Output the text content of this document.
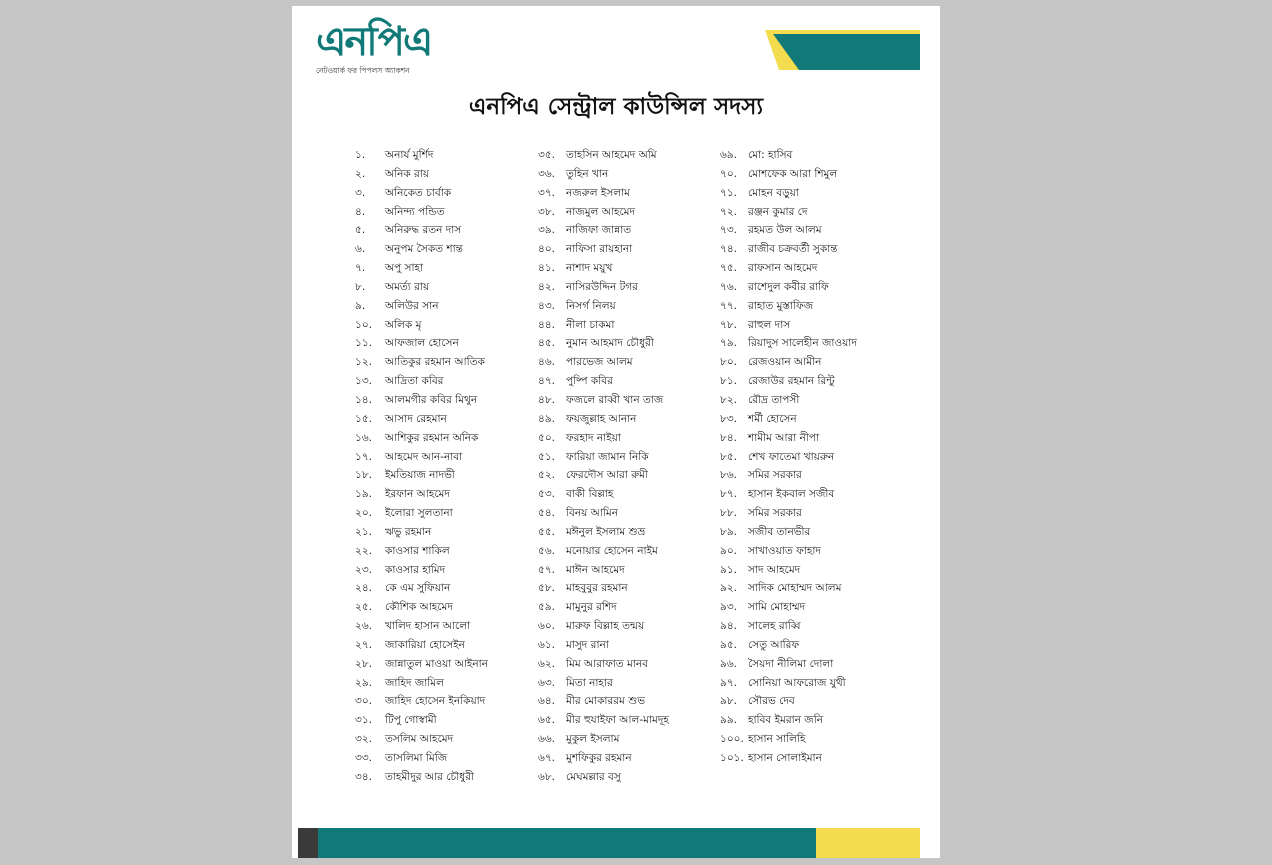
এনপিএ
নেটওয়ার্ক ফর পিপলস অ্যাকশন
এনপিএ সেন্ট্রাল কাউন্সিল সদস্য
১. অনার্য মুর্শিদ
২. অনিক রায়
৩. অনিকেত চার্বাক
৪. অনিন্দ্য পন্ডিত
৫. অনিরুদ্ধ রতন দাস
৬. অনুপম সৈকত শান্ত
৭. অপু সাহা
৮. অমর্ত্য রায়
৯. অলিউর সান
১০. অলিক মৃ
১১. আফজাল হোসেন
১২. আতিকুর রহমান আতিক
১৩. আদ্রিতা কবির
১৪. আলমগীর কবির মিথুন
১৫. আসাদ রেহমান
১৬. আশিকুর রহমান অনিক
১৭. আহমেদ আন-নাবা
১৮. ইমতিয়াজ নাদভী
১৯. ইরফান আহমেদ
২০. ইলোরা সুলতানা
২১. ঋভু রহমান
২২. কাওসার শাকিল
২৩. কাওসার হামিদ
২৪. কে এম সুফিয়ান
২৫. কৌশিক আহমেদ
২৬. খালিদ হাসান আলো
২৭. জাকারিয়া হোসেইন
২৮. জান্নাতুল মাওয়া আইনান
২৯. জাহিদ জামিল
৩০. জাহিদ হোসেন ইনকিয়াদ
৩১. টিপু গোস্বামী
৩২. তসলিম আহমেদ
৩৩. তাসলিমা মিজি
৩৪. তাহমীদুর আর চৌধুরী
৩৫. তাহসিন আহমেদ অমি
৩৬. তুহিন খান
৩৭. নজরুল ইসলাম
৩৮. নাজমুল আহমেদ
৩৯. নাজিফা জান্নাত
৪০. নাফিসা রায়হানা
৪১. নাশাদ ময়ুখ
৪২. নাসিরউদ্দিন টগর
৪৩. নিসর্গ নিলয়
৪৪. নীলা চাকমা
৪৫. নুমান আহমাদ চৌধুরী
৪৬. পারভেজ আলম
৪৭. পুষ্পি কবির
৪৮. ফজলে রাব্বী খান তাজ
৪৯. ফয়জুল্লাহ আনান
৫০. ফরহাদ নাইয়া
৫১. ফারিয়া জামান নিকি
৫২. ফেরদৌস আরা রুমী
৫৩. বাকী বিল্লাহ
৫৪. বিনয় আমিন
৫৫. মঈনুল ইসলাম শুভ্র
৫৬. মনোয়ার হোসেন নাইম
৫৭. মাঈন আহমেদ
৫৮. মাহবুবুর রহমান
৫৯. মামুনুর রশিদ
৬০. মারুফ বিল্লাহ তন্ময়
৬১. মাসুদ রানা
৬২. মিম আরাফাত মানব
৬৩. মিতা নাহার
৬৪. মীর মোকাররম শুভ
৬৫. মীর হুযাইফা আল-মামদূহ
৬৬. মুকুল ইসলাম
৬৭. মুশফিকুর রহমান
৬৮. মেঘমল্লার বসু
৬৯. মো: হাসিব
৭০. মোশফেক আরা শিমুল
৭১. মোহন বড়ুয়া
৭২. রঞ্জন কুমার দে
৭৩. রহমত উল আলম
৭৪. রাজীব চক্রবর্তী সুকান্ত
৭৫. রাফসান আহমেদ
৭৬. রাশেদুল কবীর রাফি
৭৭. রাহাত মুস্তাফিজ
৭৮. রাহুল দাস
৭৯. রিয়াদুস সালেহীন জাওয়াদ
৮০. রেজওয়ান আমীন
৮১. রেজাউর রহমান রিন্টু
৮২. রৌদ্র তাপসী
৮৩. শর্মী হোসেন
৮৪. শামীম আরা নীপা
৮৫. শেখ ফাতেমা খায়রুন
৮৬. সমির সরকার
৮৭. হাসান ইকবাল সজীব
৮৮. সমির সরকার
৮৯. সজীব তানভীর
৯০. সাখাওয়াত ফাহাদ
৯১. সাদ আহমেদ
৯২. সাদিক মোহাম্মদ আলম
৯৩. সামি মোহাম্মদ
৯৪. সালেহ রাব্বি
৯৫. সেতু আরিফ
৯৬. সৈয়দা নীলিমা দোলা
৯৭. সোনিয়া আফরোজ যুথী
৯৮. সৌরভ দেব
৯৯. হাবিব ইমরান জনি
১০০. হাসান সালিহি
১০১. হাসান সোলাইমান
